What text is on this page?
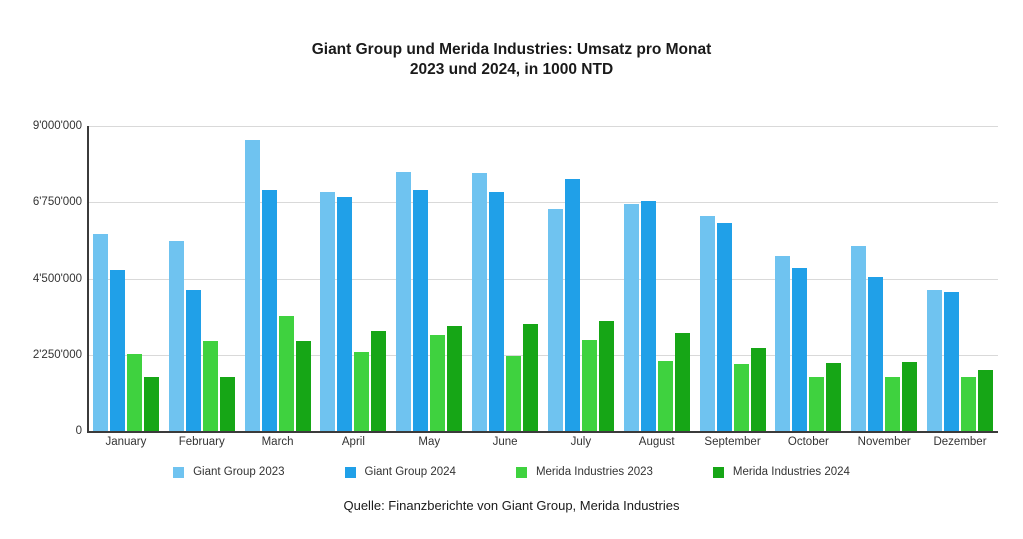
Giant Group und Merida Industries: Umsatz pro Monat
2023 und 2024, in 1000 NTD
9'000'000
6'750'000
4'500'000
2'250'000
0
January	February	March	April	May	June	July	August	September	October	November	Dezember
Giant Group 2023	Giant Group 2024	Merida Industries 2023	Merida Industries 2024
Quelle: Finanzberichte von Giant Group, Merida Industries
